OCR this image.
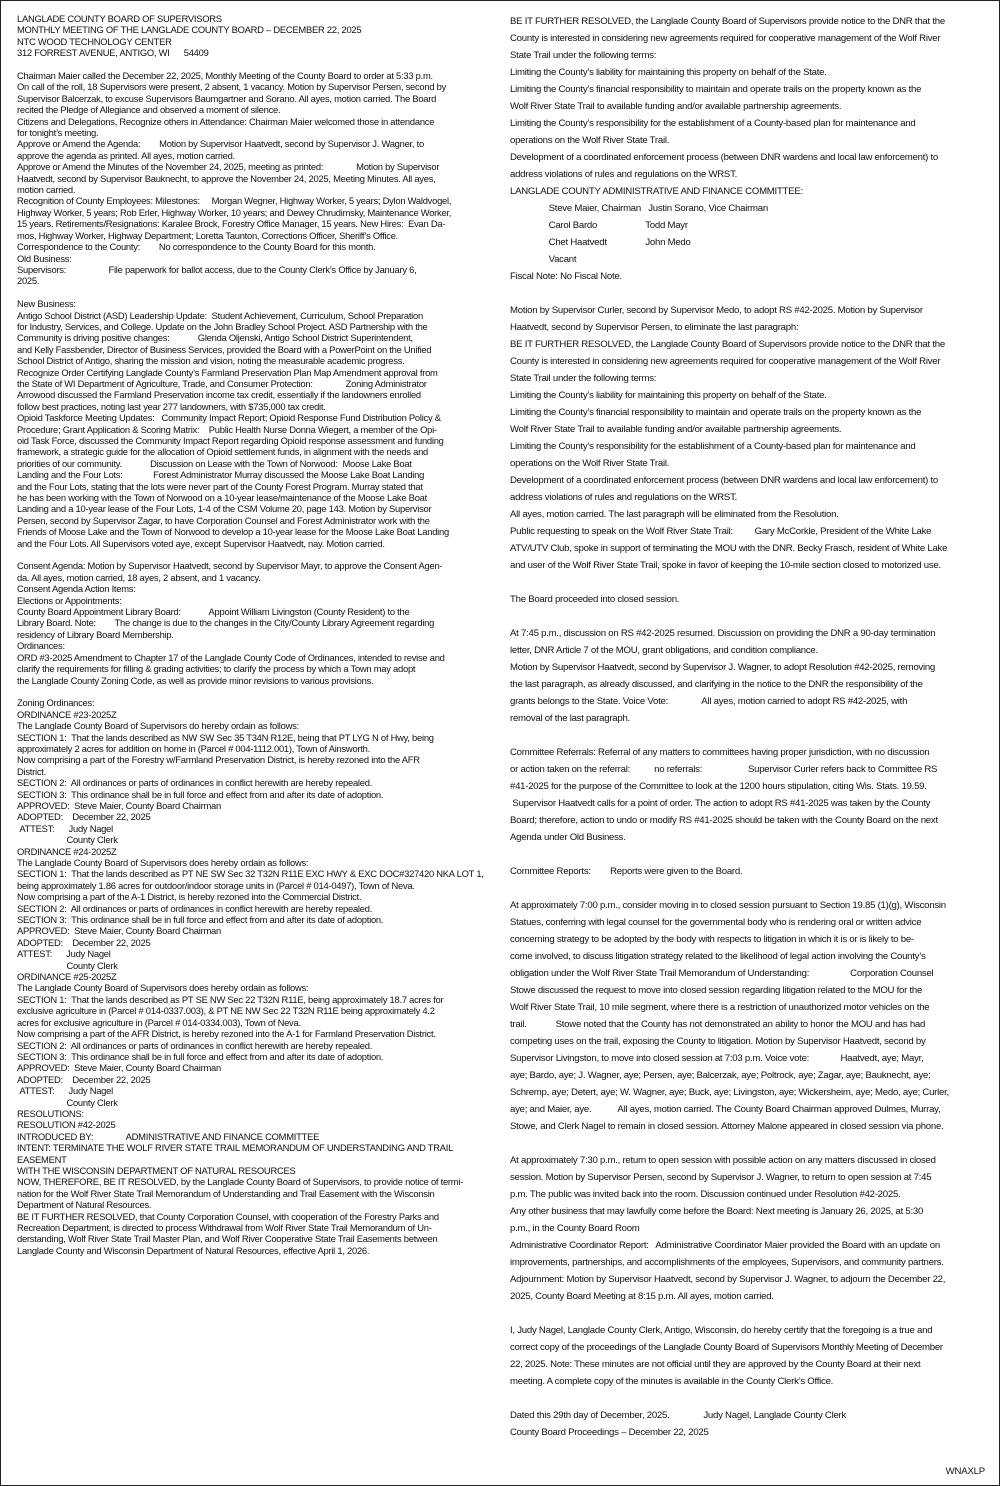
LANGLADE COUNTY BOARD OF SUPERVISORS

MONTHLY MEETING OF THE LANGLADE COUNTY BOARD – DECEMBER 22, 2025

NTC WOOD TECHNOLOGY CENTER

312 FORREST AVENUE, ANTIGO, WI      54409

Chairman Maier called the December 22, 2025, Monthly Meeting of the County Board to order at 5:33 p.m.

On call of the roll, 18 Supervisors were present, 2 absent, 1 vacancy. Motion by Supervisor Persen, second by

Supervisor Balcerzak, to excuse Supervisors Baumgartner and Sorano. All ayes, motion carried. The Board

recited the Pledge of Allegiance and observed a moment of silence.

Citizens and Delegations, Recognize others in Attendance: Chairman Maier welcomed those in attendance

for tonight’s meeting.

Approve or Amend the Agenda:        Motion by Supervisor Haatvedt, second by Supervisor J. Wagner, to

approve the agenda as printed. All ayes, motion carried.

Approve or Amend the Minutes of the November 24, 2025, meeting as printed:              Motion by Supervisor

Haatvedt, second by Supervisor Bauknecht, to approve the November 24, 2025, Meeting Minutes. All ayes,

motion carried.

Recognition of County Employees: Milestones:     Morgan Wegner, Highway Worker, 5 years; Dylon Waldvogel,

Highway Worker, 5 years; Rob Erler, Highway Worker, 10 years; and Dewey Chrudimsky, Maintenance Worker,

15 years. Retirements/Resignations: Karalee Brock, Forestry Office Manager, 15 years. New Hires:  Evan Da-

mos, Highway Worker, Highway Department; Loretta Taunton, Corrections Officer, Sheriff’s Office.

Correspondence to the County:        No correspondence to the County Board for this month.

Old Business:

Supervisors:                  File paperwork for ballot access, due to the County Clerk’s Office by January 6,

2025.

New Business:

Antigo School District (ASD) Leadership Update:  Student Achievement, Curriculum, School Preparation

for Industry, Services, and College. Update on the John Bradley School Project. ASD Partnership with the

Community is driving positive changes:            Glenda Oljenski, Antigo School District Superintendent,

and Kelly Fassbender, Director of Business Services, provided the Board with a PowerPoint on the Unified

School District of Antigo, sharing the mission and vision, noting the measurable academic progress.

Recognize Order Certifying Langlade County’s Farmland Preservation Plan Map Amendment approval from

the State of WI Department of Agriculture, Trade, and Consumer Protection:              Zoning Administrator

Arrowood discussed the Farmland Preservation income tax credit, essentially if the landowners enrolled

follow best practices, noting last year 277 landowners, with $735,000 tax credit.

Opioid Taskforce Meeting Updates:   Community Impact Report; Opioid Response Fund Distribution Policy &

Procedure; Grant Application & Scoring Matrix:    Public Health Nurse Donna Wiegert, a member of the Opi-

oid Task Force, discussed the Community Impact Report regarding Opioid response assessment and funding

framework, a strategic guide for the allocation of Opioid settlement funds, in alignment with the needs and

priorities of our community.            Discussion on Lease with the Town of Norwood:  Moose Lake Boat

Landing and the Four Lots:             Forest Administrator Murray discussed the Moose Lake Boat Landing

and the Four Lots, stating that the lots were never part of the County Forest Program. Murray stated that

he has been working with the Town of Norwood on a 10-year lease/maintenance of the Moose Lake Boat

Landing and a 10-year lease of the Four Lots, 1-4 of the CSM Volume 20, page 143. Motion by Supervisor

Persen, second by Supervisor Zagar, to have Corporation Counsel and Forest Administrator work with the

Friends of Moose Lake and the Town of Norwood to develop a 10-year lease for the Moose Lake Boat Landing

and the Four Lots. All Supervisors voted aye, except Supervisor Haatvedt, nay. Motion carried.

Consent Agenda: Motion by Supervisor Haatvedt, second by Supervisor Mayr, to approve the Consent Agen-

da. All ayes, motion carried, 18 ayes, 2 absent, and 1 vacancy.

Consent Agenda Action Items:

Elections or Appointments:

County Board Appointment Library Board:            Appoint William Livingston (County Resident) to the

Library Board. Note:        The change is due to the changes in the City/County Library Agreement regarding

residency of Library Board Membership.

Ordinances:

ORD #3-2025 Amendment to Chapter 17 of the Langlade County Code of Ordinances, intended to revise and

clarify the requirements for filling & grading activities; to clarify the process by which a Town may adopt

the Langlade County Zoning Code, as well as provide minor revisions to various provisions.

Zoning Ordinances:

ORDINANCE #23-2025Z

The Langlade County Board of Supervisors do hereby ordain as follows:

SECTION 1:  That the lands described as NW SW Sec 35 T34N R12E, being that PT LYG N of Hwy, being

approximately 2 acres for addition on home in (Parcel # 004-1112.001), Town of Ainsworth.

Now comprising a part of the Forestry w/Farmland Preservation District, is hereby rezoned into the AFR

District.

SECTION 2:  All ordinances or parts of ordinances in conflict herewith are hereby repealed.

SECTION 3:  This ordinance shall be in full force and effect from and after its date of adoption.

APPROVED:  Steve Maier, County Board Chairman

ADOPTED:    December 22, 2025

ATTEST:      Judy Nagel

County Clerk

ORDINANCE #24-2025Z

The Langlade County Board of Supervisors does hereby ordain as follows:

SECTION 1:  That the lands described as PT NE SW Sec 32 T32N R11E EXC HWY & EXC DOC#327420 NKA LOT 1,

being approximately 1.86 acres for outdoor/indoor storage units in (Parcel # 014-0497), Town of Neva.

Now comprising a part of the A-1 District, is hereby rezoned into the Commercial District.

SECTION 2:  All ordinances or parts of ordinances in conflict herewith are hereby repealed.

SECTION 3:  This ordinance shall be in full force and effect from and after its date of adoption.

APPROVED:  Steve Maier, County Board Chairman

ADOPTED:    December 22, 2025

ATTEST:      Judy Nagel

County Clerk

ORDINANCE #25-2025Z

The Langlade County Board of Supervisors does hereby ordain as follows:

SECTION 1:  That the lands described as PT SE NW Sec 22 T32N R11E, being approximately 18.7 acres for

exclusive agriculture in (Parcel # 014-0337.003), & PT NE NW Sec 22 T32N R11E being approximately 4.2

acres for exclusive agriculture in (Parcel # 014-0334.003), Town of Neva.

Now comprising a part of the AFR District, is hereby rezoned into the A-1 for Farmland Preservation District.

SECTION 2:  All ordinances or parts of ordinances in conflict herewith are hereby repealed.

SECTION 3:  This ordinance shall be in full force and effect from and after its date of adoption.

APPROVED:  Steve Maier, County Board Chairman

ADOPTED:    December 22, 2025

ATTEST:      Judy Nagel

County Clerk

RESOLUTIONS:

RESOLUTION #42-2025

INTRODUCED BY:              ADMINISTRATIVE AND FINANCE COMMITTEE

INTENT: TERMINATE THE WOLF RIVER STATE TRAIL MEMORANDUM OF UNDERSTANDING AND TRAIL EASEMENT

WITH THE WISCONSIN DEPARTMENT OF NATURAL RESOURCES

NOW, THEREFORE, BE IT RESOLVED, by the Langlade County Board of Supervisors, to provide notice of termi-

nation for the Wolf River State Trail Memorandum of Understanding and Trail Easement with the Wisconsin

Department of Natural Resources.

BE IT FURTHER RESOLVED, that County Corporation Counsel, with cooperation of the Forestry Parks and

Recreation Department, is directed to process Withdrawal from Wolf River State Trail Memorandum of Un-

derstanding, Wolf River State Trail Master Plan, and Wolf River Cooperative State Trail Easements between

Langlade County and Wisconsin Department of Natural Resources, effective April 1, 2026.

BE IT FURTHER RESOLVED, the Langlade County Board of Supervisors provide notice to the DNR that the

County is interested in considering new agreements required for cooperative management of the Wolf River

State Trail under the following terms:

Limiting the County’s liability for maintaining this property on behalf of the State.

Limiting the County’s financial responsibility to maintain and operate trails on the property known as the

Wolf River State Trail to available funding and/or available partnership agreements.

Limiting the County’s responsibility for the establishment of a County-based plan for maintenance and

operations on the Wolf River State Trail.

Development of a coordinated enforcement process (between DNR wardens and local law enforcement) to

address violations of rules and regulations on the WRST.

LANGLADE COUNTY ADMINISTRATIVE AND FINANCE COMMITTEE:

Steve Maier, Chairman   Justin Sorano, Vice Chairman

Carol Bardo                    Todd Mayr

Chet Haatvedt                John Medo

Vacant

Fiscal Note: No Fiscal Note.

Motion by Supervisor Curler, second by Supervisor Medo, to adopt RS #42-2025. Motion by Supervisor

Haatvedt, second by Supervisor Persen, to eliminate the last paragraph:

BE IT FURTHER RESOLVED, the Langlade County Board of Supervisors provide notice to the DNR that the

County is interested in considering new agreements required for cooperative management of the Wolf River

State Trail under the following terms:

Limiting the County’s liability for maintaining this property on behalf of the State.

Limiting the County’s financial responsibility to maintain and operate trails on the property known as the

Wolf River State Trail to available funding and/or available partnership agreements.

Limiting the County’s responsibility for the establishment of a County-based plan for maintenance and

operations on the Wolf River State Trail.

Development of a coordinated enforcement process (between DNR wardens and local law enforcement) to

address violations of rules and regulations on the WRST.

All ayes, motion carried. The last paragraph will be eliminated from the Resolution.

Public requesting to speak on the Wolf River State Trail:         Gary McCorkle, President of the White Lake

ATV/UTV Club, spoke in support of terminating the MOU with the DNR. Becky Frasch, resident of White Lake

and user of the Wolf River State Trail, spoke in favor of keeping the 10-mile section closed to motorized use.

The Board proceeded into closed session.

At 7:45 p.m., discussion on RS #42-2025 resumed. Discussion on providing the DNR a 90-day termination

letter, DNR Article 7 of the MOU, grant obligations, and condition compliance.

Motion by Supervisor Haatvedt, second by Supervisor J. Wagner, to adopt Resolution #42-2025, removing

the last paragraph, as already discussed, and clarifying in the notice to the DNR the responsibility of the

grants belongs to the State. Voice Vote:              All ayes, motion carried to adopt RS #42-2025, with

removal of the last paragraph.

Committee Referrals: Referral of any matters to committees having proper jurisdiction, with no discussion

or action taken on the referral:          no referrals:                   Supervisor Curler refers back to Committee RS

#41-2025 for the purpose of the Committee to look at the 1200 hours stipulation, citing Wis. Stats. 19.59.

Supervisor Haatvedt calls for a point of order. The action to adopt RS #41-2025 was taken by the County

Board; therefore, action to undo or modify RS #41-2025 should be taken with the County Board on the next

Agenda under Old Business.

Committee Reports:        Reports were given to the Board.

At approximately 7:00 p.m., consider moving in to closed session pursuant to Section 19.85 (1)(g), Wisconsin

Statues, conferring with legal counsel for the governmental body who is rendering oral or written advice

concerning strategy to be adopted by the body with respects to litigation in which it is or is likely to be-

come involved, to discuss litigation strategy related to the likelihood of legal action involving the County’s

obligation under the Wolf River State Trail Memorandum of Understanding:                 Corporation Counsel

Stowe discussed the request to move into closed session regarding litigation related to the MOU for the

Wolf River State Trail, 10 mile segment, where there is a restriction of unauthorized motor vehicles on the

trail.            Stowe noted that the County has not demonstrated an ability to honor the MOU and has had

competing uses on the trail, exposing the County to litigation. Motion by Supervisor Haatvedt, second by

Supervisor Livingston, to move into closed session at 7:03 p.m. Voice vote:             Haatvedt, aye; Mayr,

aye; Bardo, aye; J. Wagner, aye; Persen, aye; Balcerzak, aye; Poltrock, aye; Zagar, aye; Bauknecht, aye;

Schremp, aye; Detert, aye; W. Wagner, aye; Buck, aye; Livingston, aye; Wickersheim, aye; Medo, aye; Curler,

aye; and Maier, aye.           All ayes, motion carried. The County Board Chairman approved Dulmes, Murray,

Stowe, and Clerk Nagel to remain in closed session. Attorney Malone appeared in closed session via phone.

At approximately 7:30 p.m., return to open session with possible action on any matters discussed in closed

session. Motion by Supervisor Persen, second by Supervisor J. Wagner, to return to open session at 7:45

p.m. The public was invited back into the room. Discussion continued under Resolution #42-2025.

Any other business that may lawfully come before the Board: Next meeting is January 26, 2025, at 5:30

p.m., in the County Board Room

Administrative Coordinator Report:   Administrative Coordinator Maier provided the Board with an update on

improvements, partnerships, and accomplishments of the employees, Supervisors, and community partners.

Adjournment: Motion by Supervisor Haatvedt, second by Supervisor J. Wagner, to adjourn the December 22,

2025, County Board Meeting at 8:15 p.m. All ayes, motion carried.

I, Judy Nagel, Langlade County Clerk, Antigo, Wisconsin, do hereby certify that the foregoing is a true and

correct copy of the proceedings of the Langlade County Board of Supervisors Monthly Meeting of December

22, 2025. Note: These minutes are not official until they are approved by the County Board at their next

meeting. A complete copy of the minutes is available in the County Clerk’s Office.

Dated this 29th day of December, 2025.              Judy Nagel, Langlade County Clerk

County Board Proceedings – December 22, 2025

WNAXLP
